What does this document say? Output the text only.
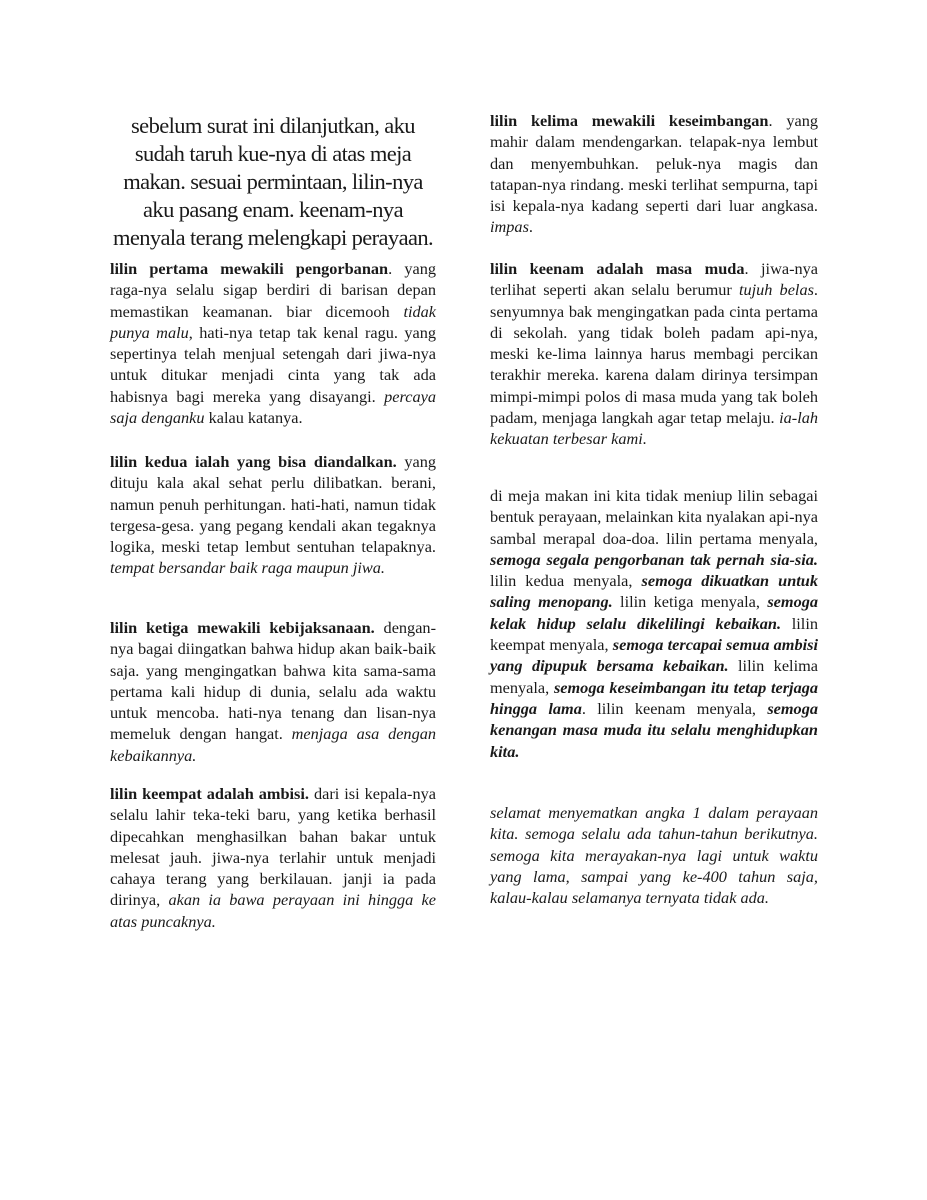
sebelum surat ini dilanjutkan, aku sudah taruh kue-nya di atas meja makan. sesuai permintaan, lilin-nya aku pasang enam. keenam-nya menyala terang melengkapi perayaan.

lilin pertama mewakili pengorbanan. yang raga-nya selalu sigap berdiri di barisan depan memastikan keamanan. biar dicemooh tidak punya malu, hati-nya tetap tak kenal ragu. yang sepertinya telah menjual setengah dari jiwa-nya untuk ditukar menjadi cinta yang tak ada habisnya bagi mereka yang disayangi. percaya saja denganku kalau katanya.

lilin kedua ialah yang bisa diandalkan. yang dituju kala akal sehat perlu dilibatkan. berani, namun penuh perhitungan. hati-hati, namun tidak tergesa-gesa. yang pegang kendali akan tegaknya logika, meski tetap lembut sentuhan telapaknya. tempat bersandar baik raga maupun jiwa.

lilin ketiga mewakili kebijaksanaan. dengan-nya bagai diingatkan bahwa hidup akan baik-baik saja. yang mengingatkan bahwa kita sama-sama pertama kali hidup di dunia, selalu ada waktu untuk mencoba. hati-nya tenang dan lisan-nya memeluk dengan hangat. menjaga asa dengan kebaikannya.

lilin keempat adalah ambisi. dari isi kepala-nya selalu lahir teka-teki baru, yang ketika berhasil dipecahkan menghasilkan bahan bakar untuk melesat jauh. jiwa-nya terlahir untuk menjadi cahaya terang yang berkilauan. janji ia pada dirinya, akan ia bawa perayaan ini hingga ke atas puncaknya.

lilin kelima mewakili keseimbangan. yang mahir dalam mendengarkan. telapak-nya lembut dan menyembuhkan. peluk-nya magis dan tatapan-nya rindang. meski terlihat sempurna, tapi isi kepala-nya kadang seperti dari luar angkasa. impas.

lilin keenam adalah masa muda. jiwa-nya terlihat seperti akan selalu berumur tujuh belas. senyumnya bak mengingatkan pada cinta pertama di sekolah. yang tidak boleh padam api-nya, meski ke-lima lainnya harus membagi percikan terakhir mereka. karena dalam dirinya tersimpan mimpi-mimpi polos di masa muda yang tak boleh padam, menjaga langkah agar tetap melaju. ia-lah kekuatan terbesar kami.

di meja makan ini kita tidak meniup lilin sebagai bentuk perayaan, melainkan kita nyalakan api-nya sambal merapal doa-doa. lilin pertama menyala, semoga segala pengorbanan tak pernah sia-sia. lilin kedua menyala, semoga dikuatkan untuk saling menopang. lilin ketiga menyala, semoga kelak hidup selalu dikelilingi kebaikan. lilin keempat menyala, semoga tercapai semua ambisi yang dipupuk bersama kebaikan. lilin kelima menyala, semoga keseimbangan itu tetap terjaga hingga lama. lilin keenam menyala, semoga kenangan masa muda itu selalu menghidupkan kita.

selamat menyematkan angka 1 dalam perayaan kita. semoga selalu ada tahun-tahun berikutnya. semoga kita merayakan-nya lagi untuk waktu yang lama, sampai yang ke-400 tahun saja, kalau-kalau selamanya ternyata tidak ada.
